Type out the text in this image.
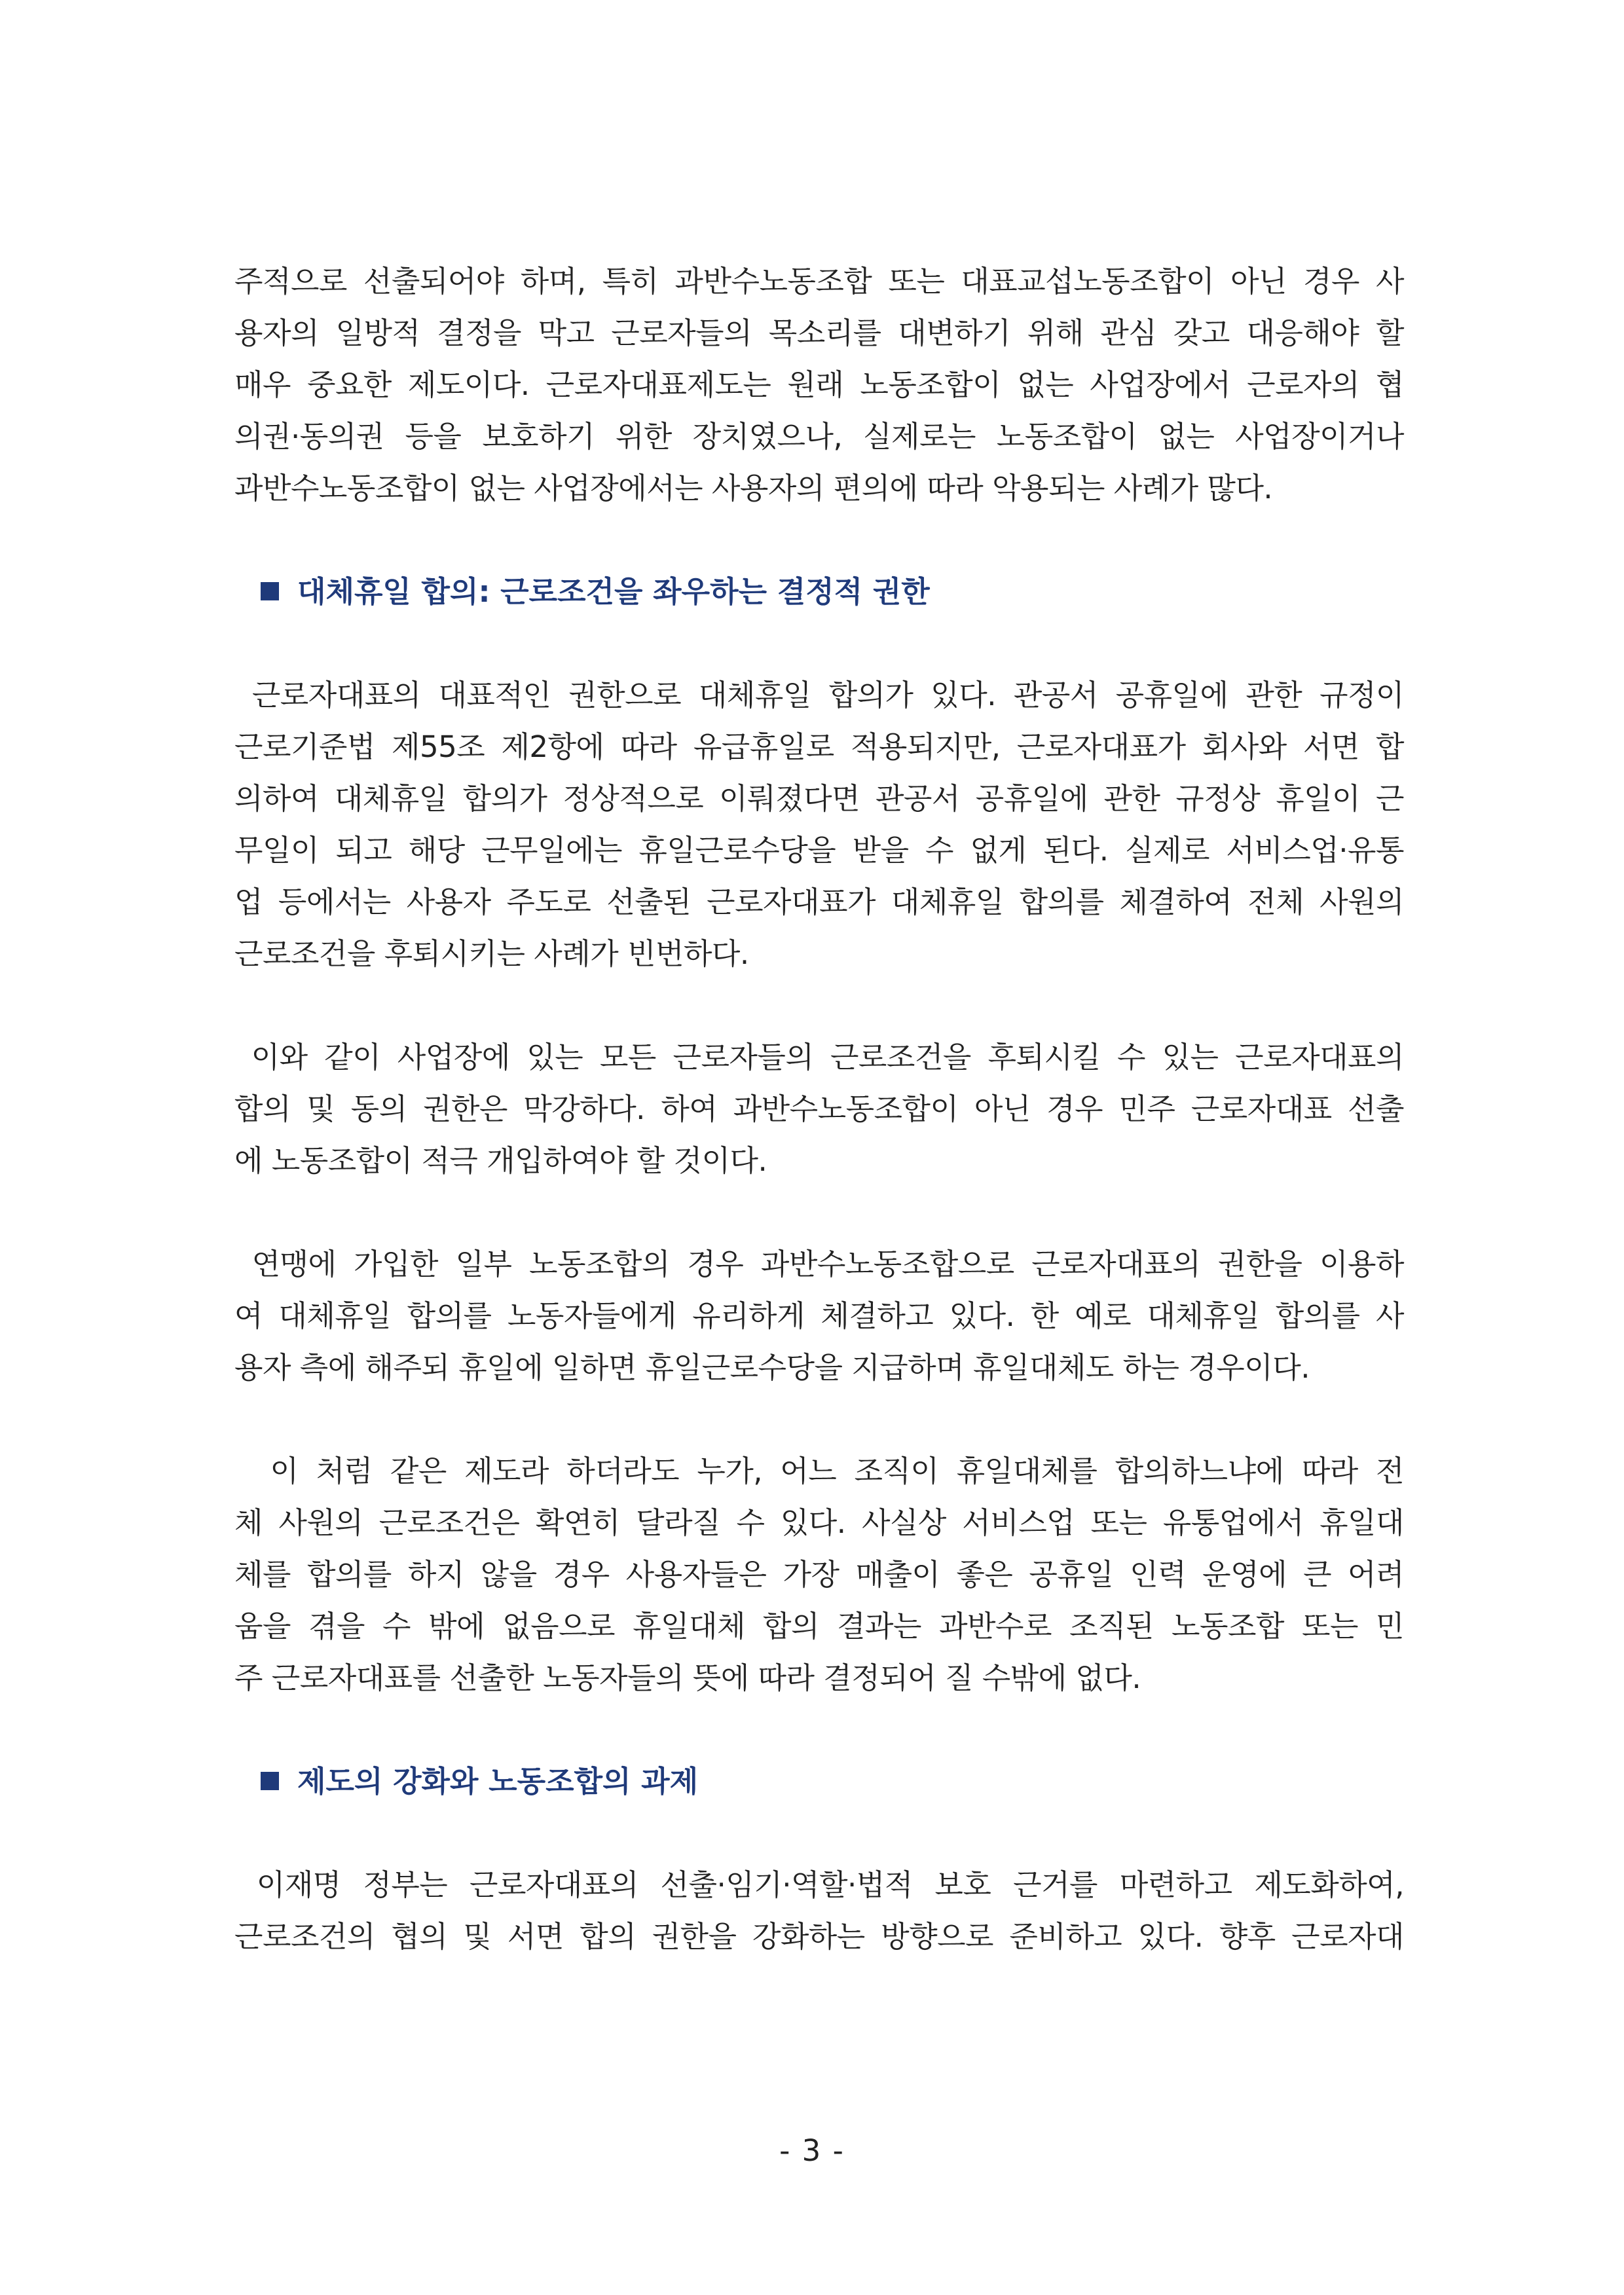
주적으로 선출되어야 하며, 특히 과반수노동조합 또는 대표교섭노동조합이 아닌 경우 사
용자의 일방적 결정을 막고 근로자들의 목소리를 대변하기 위해 관심 갖고 대응해야 할
매우 중요한 제도이다. 근로자대표제도는 원래 노동조합이 없는 사업장에서 근로자의 협
의권·동의권 등을 보호하기 위한 장치였으나, 실제로는 노동조합이 없는 사업장이거나
과반수노동조합이 없는 사업장에서는 사용자의 편의에 따라 악용되는 사례가 많다.

대체휴일 합의: 근로조건을 좌우하는 결정적 권한

근로자대표의 대표적인 권한으로 대체휴일 합의가 있다. 관공서 공휴일에 관한 규정이
근로기준법 제55조 제2항에 따라 유급휴일로 적용되지만, 근로자대표가 회사와 서면 합
의하여 대체휴일 합의가 정상적으로 이뤄졌다면 관공서 공휴일에 관한 규정상 휴일이 근
무일이 되고 해당 근무일에는 휴일근로수당을 받을 수 없게 된다. 실제로 서비스업·유통
업 등에서는 사용자 주도로 선출된 근로자대표가 대체휴일 합의를 체결하여 전체 사원의
근로조건을 후퇴시키는 사례가 빈번하다.

이와 같이 사업장에 있는 모든 근로자들의 근로조건을 후퇴시킬 수 있는 근로자대표의
합의 및 동의 권한은 막강하다. 하여 과반수노동조합이 아닌 경우 민주 근로자대표 선출
에 노동조합이 적극 개입하여야 할 것이다.

연맹에 가입한 일부 노동조합의 경우 과반수노동조합으로 근로자대표의 권한을 이용하
여 대체휴일 합의를 노동자들에게 유리하게 체결하고 있다. 한 예로 대체휴일 합의를 사
용자 측에 해주되 휴일에 일하면 휴일근로수당을 지급하며 휴일대체도 하는 경우이다.

이 처럼 같은 제도라 하더라도 누가, 어느 조직이 휴일대체를 합의하느냐에 따라 전
체 사원의 근로조건은 확연히 달라질 수 있다. 사실상 서비스업 또는 유통업에서 휴일대
체를 합의를 하지 않을 경우 사용자들은 가장 매출이 좋은 공휴일 인력 운영에 큰 어려
움을 겪을 수 밖에 없음으로 휴일대체 합의 결과는 과반수로 조직된 노동조합 또는 민
주 근로자대표를 선출한 노동자들의 뜻에 따라 결정되어 질 수밖에 없다.

제도의 강화와 노동조합의 과제

이재명 정부는 근로자대표의 선출·임기·역할·법적 보호 근거를 마련하고 제도화하여,
근로조건의 협의 및 서면 합의 권한을 강화하는 방향으로 준비하고 있다. 향후 근로자대

- 3 -
